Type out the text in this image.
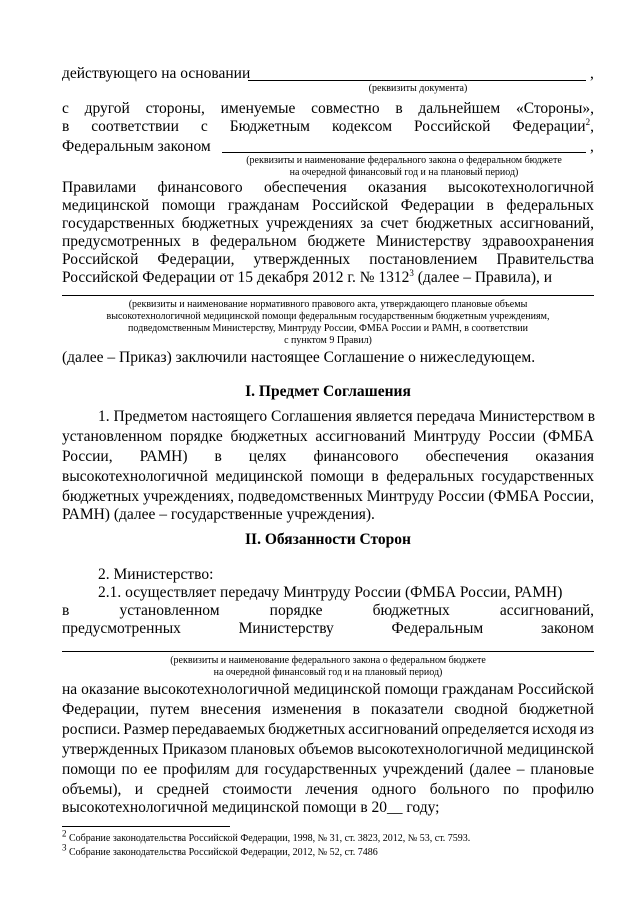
действующего на основании	,
(реквизиты документа)
с другой стороны, именуемые совместно в дальнейшем «Стороны»,
в соответствии с Бюджетным кодексом Российской Федерации$^2$,
Федеральным законом	,
(реквизиты и наименование федерального закона о федеральном бюджете
на очередной финансовый год и на плановый период)
Правилами финансового обеспечения оказания высокотехнологичной
медицинской помощи гражданам Российской Федерации в федеральных
государственных бюджетных учреждениях за счет бюджетных ассигнований,
предусмотренных в федеральном бюджете Министерству здравоохранения
Российской Федерации, утвержденных постановлением Правительства
Российской Федерации от 15 декабря 2012 г. № 1312$^3$ (далее – Правила), и
(реквизиты и наименование нормативного правового акта, утверждающего плановые объемы
высокотехнологичной медицинской помощи федеральным государственным бюджетным учреждениям,
подведомственным Министерству, Минтруду России, ФМБА России и РАМН, в соответствии
с пунктом 9 Правил)
(далее – Приказ) заключили настоящее Соглашение о нижеследующем.
I. Предмет Соглашения
1. Предметом настоящего Соглашения является передача Министерством в
установленном порядке бюджетных ассигнований Минтруду России (ФМБА
России, РАМН) в целях финансового обеспечения оказания
высокотехнологичной медицинской помощи в федеральных государственных
бюджетных учреждениях, подведомственных Минтруду России (ФМБА России,
РАМН) (далее – государственные учреждения).
II. Обязанности Сторон
2. Министерство:
2.1. осуществляет передачу Минтруду России (ФМБА России, РАМН)
в	установленном	порядке	бюджетных	ассигнований,
предусмотренных	Министерству	Федеральным	законом
(реквизиты и наименование федерального закона о федеральном бюджете
на очередной финансовый год и на плановый период)
на оказание высокотехнологичной медицинской помощи гражданам Российской
Федерации, путем внесения изменения в показатели сводной бюджетной
росписи. Размер передаваемых бюджетных ассигнований определяется исходя из
утвержденных Приказом плановых объемов высокотехнологичной медицинской
помощи по ее профилям для государственных учреждений (далее – плановые
объемы), и средней стоимости лечения одного больного по профилю
высокотехнологичной медицинской помощи в 20__ году;
$^2$ Собрание законодательства Российской Федерации, 1998, № 31, ст. 3823, 2012, № 53, ст. 7593.
$^3$ Собрание законодательства Российской Федерации, 2012, № 52, ст. 7486
